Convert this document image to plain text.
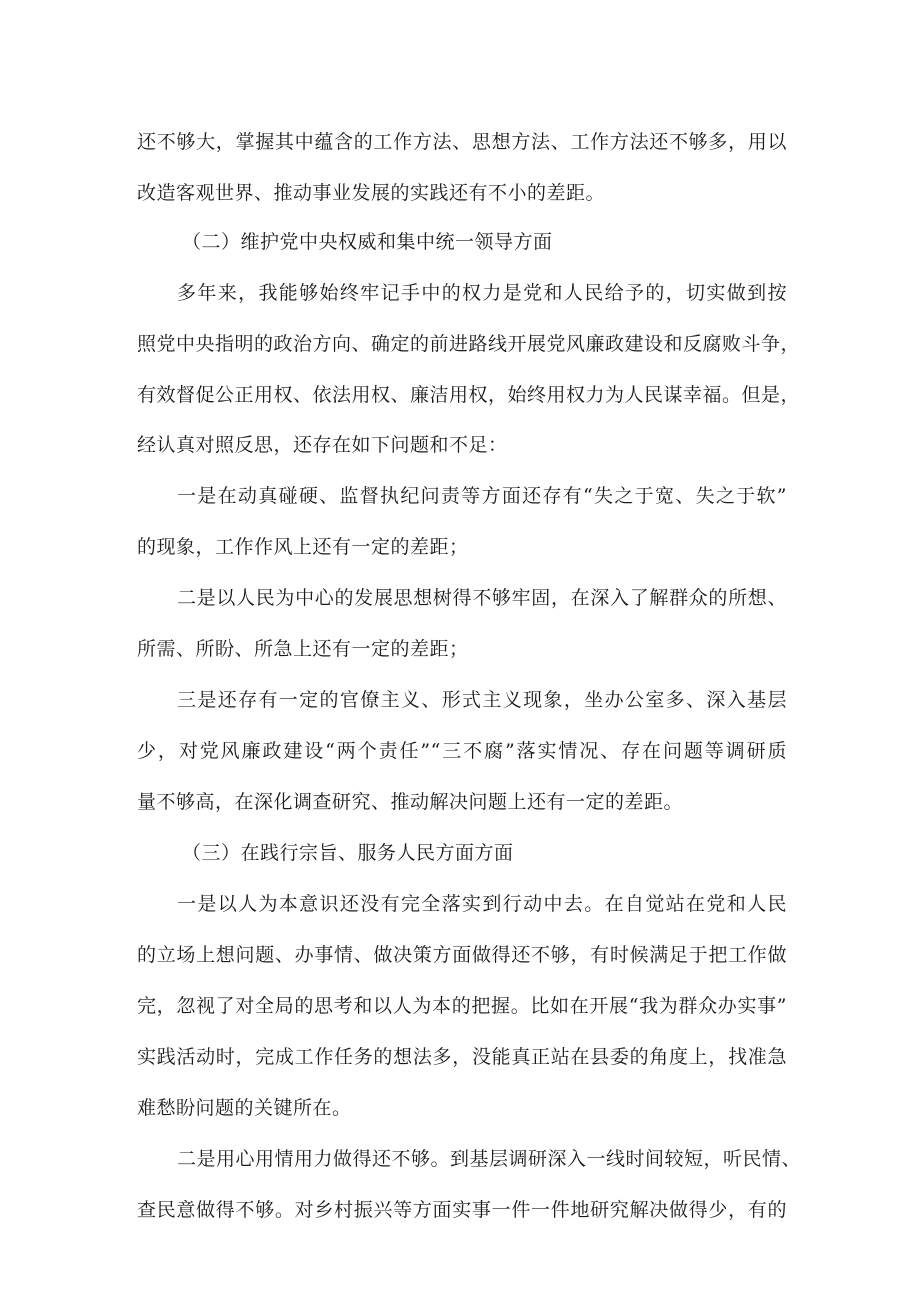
还不够大，掌握其中蕴含的工作方法、思想方法、工作方法还不够多，用以
改造客观世界、推动事业发展的实践还有不小的差距。
（二）维护党中央权威和集中统一领导方面
多年来，我能够始终牢记手中的权力是党和人民给予的，切实做到按
照党中央指明的政治方向、确定的前进路线开展党风廉政建设和反腐败斗争，
有效督促公正用权、依法用权、廉洁用权，始终用权力为人民谋幸福。但是，
经认真对照反思，还存在如下问题和不足：
一是在动真碰硬、监督执纪问责等方面还存有“失之于宽、失之于软”
的现象，工作作风上还有一定的差距；
二是以人民为中心的发展思想树得不够牢固，在深入了解群众的所想、
所需、所盼、所急上还有一定的差距；
三是还存有一定的官僚主义、形式主义现象，坐办公室多、深入基层
少，对党风廉政建设“两个责任”“三不腐”落实情况、存在问题等调研质
量不够高，在深化调查研究、推动解决问题上还有一定的差距。
（三）在践行宗旨、服务人民方面方面
一是以人为本意识还没有完全落实到行动中去。在自觉站在党和人民
的立场上想问题、办事情、做决策方面做得还不够，有时候满足于把工作做
完，忽视了对全局的思考和以人为本的把握。比如在开展“我为群众办实事”
实践活动时，完成工作任务的想法多，没能真正站在县委的角度上，找准急
难愁盼问题的关键所在。
二是用心用情用力做得还不够。到基层调研深入一线时间较短，听民情、
查民意做得不够。对乡村振兴等方面实事一件一件地研究解决做得少，有的
